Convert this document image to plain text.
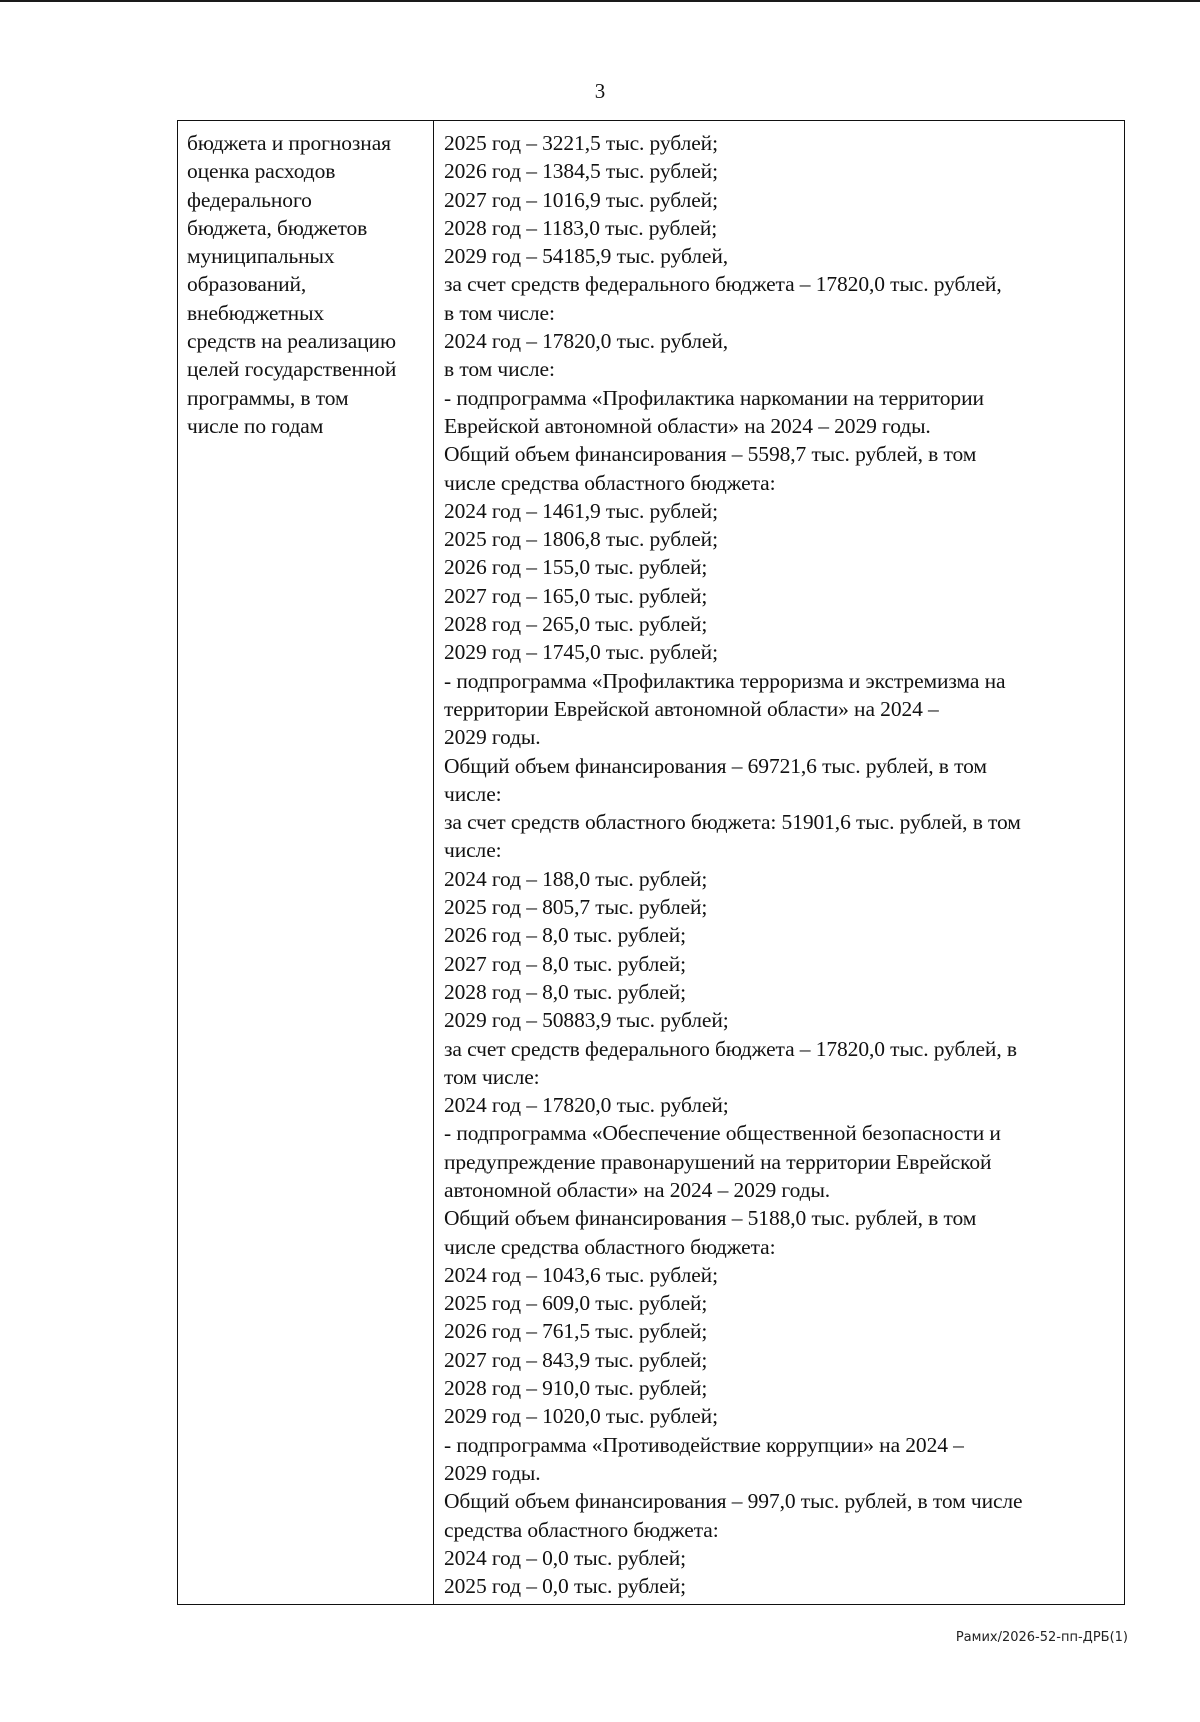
3
бюджета и прогнозная
оценка расходов
федерального
бюджета, бюджетов
муниципальных
образований,
внебюджетных
средств на реализацию
целей государственной
программы, в том
числе по годам
2025 год – 3221,5 тыс. рублей;
2026 год – 1384,5 тыс. рублей;
2027 год – 1016,9 тыс. рублей;
2028 год – 1183,0 тыс. рублей;
2029 год – 54185,9 тыс. рублей,
за счет средств федерального бюджета – 17820,0 тыс. рублей,
в том числе:
2024 год – 17820,0 тыс. рублей,
в том числе:
- подпрограмма «Профилактика наркомании на территории
Еврейской автономной области» на 2024 – 2029 годы.
Общий объем финансирования – 5598,7 тыс. рублей, в том
числе средства областного бюджета:
2024 год – 1461,9 тыс. рублей;
2025 год – 1806,8 тыс. рублей;
2026 год – 155,0 тыс. рублей;
2027 год – 165,0 тыс. рублей;
2028 год – 265,0 тыс. рублей;
2029 год – 1745,0 тыс. рублей;
- подпрограмма «Профилактика терроризма и экстремизма на
территории Еврейской автономной области» на 2024 –
2029 годы.
Общий объем финансирования – 69721,6 тыс. рублей, в том
числе:
за счет средств областного бюджета: 51901,6 тыс. рублей, в том
числе:
2024 год – 188,0 тыс. рублей;
2025 год – 805,7 тыс. рублей;
2026 год – 8,0 тыс. рублей;
2027 год – 8,0 тыс. рублей;
2028 год – 8,0 тыс. рублей;
2029 год – 50883,9 тыс. рублей;
за счет средств федерального бюджета – 17820,0 тыс. рублей, в
том числе:
2024 год – 17820,0 тыс. рублей;
- подпрограмма «Обеспечение общественной безопасности и
предупреждение правонарушений на территории Еврейской
автономной области» на 2024 – 2029 годы.
Общий объем финансирования – 5188,0 тыс. рублей, в том
числе средства областного бюджета:
2024 год – 1043,6 тыс. рублей;
2025 год – 609,0 тыс. рублей;
2026 год – 761,5 тыс. рублей;
2027 год – 843,9 тыс. рублей;
2028 год – 910,0 тыс. рублей;
2029 год – 1020,0 тыс. рублей;
- подпрограмма «Противодействие коррупции» на 2024 –
2029 годы.
Общий объем финансирования – 997,0 тыс. рублей, в том числе
средства областного бюджета:
2024 год – 0,0 тыс. рублей;
2025 год – 0,0 тыс. рублей;
Рамих/2026-52-пп-ДРБ(1)
